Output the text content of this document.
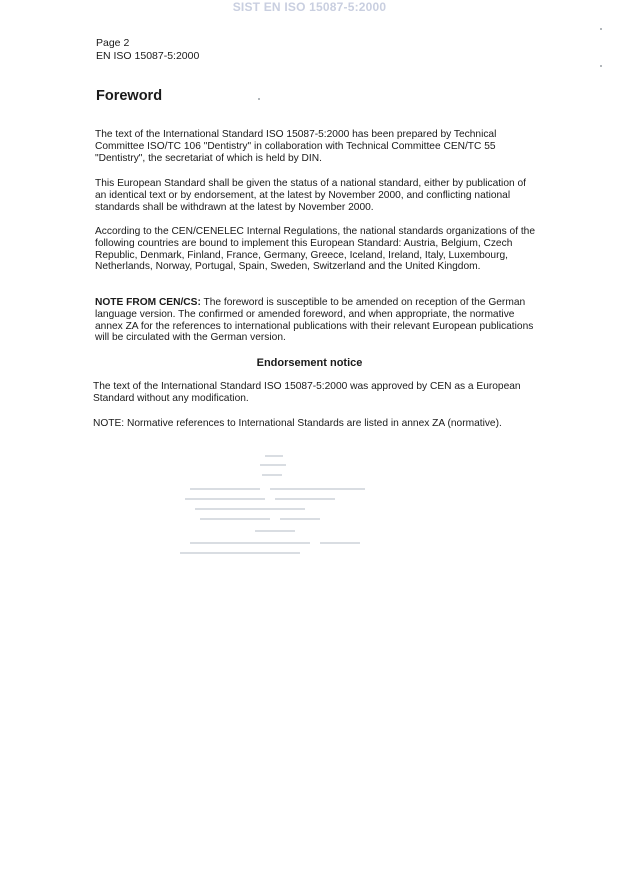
SIST EN ISO 15087-5:2000
Page 2
EN ISO 15087-5:2000
Foreword

The text of the International Standard ISO 15087-5:2000 has been prepared by Technical Committee ISO/TC 106 "Dentistry" in collaboration with Technical Committee CEN/TC 55 "Dentistry", the secretariat of which is held by DIN.

This European Standard shall be given the status of a national standard, either by publication of an identical text or by endorsement, at the latest by November 2000, and conflicting national standards shall be withdrawn at the latest by November 2000.

According to the CEN/CENELEC Internal Regulations, the national standards organizations of the following countries are bound to implement this European Standard: Austria, Belgium, Czech Republic, Denmark, Finland, France, Germany, Greece, Iceland, Ireland, Italy, Luxembourg, Netherlands, Norway, Portugal, Spain, Sweden, Switzerland and the United Kingdom.

NOTE FROM CEN/CS: The foreword is susceptible to be amended on reception of the German language version. The confirmed or amended foreword, and when appropriate, the normative annex ZA for the references to international publications with their relevant European publications will be circulated with the German version.

Endorsement notice

The text of the International Standard ISO 15087-5:2000 was approved by CEN as a European Standard without any modification.

NOTE: Normative references to International Standards are listed in annex ZA (normative).
